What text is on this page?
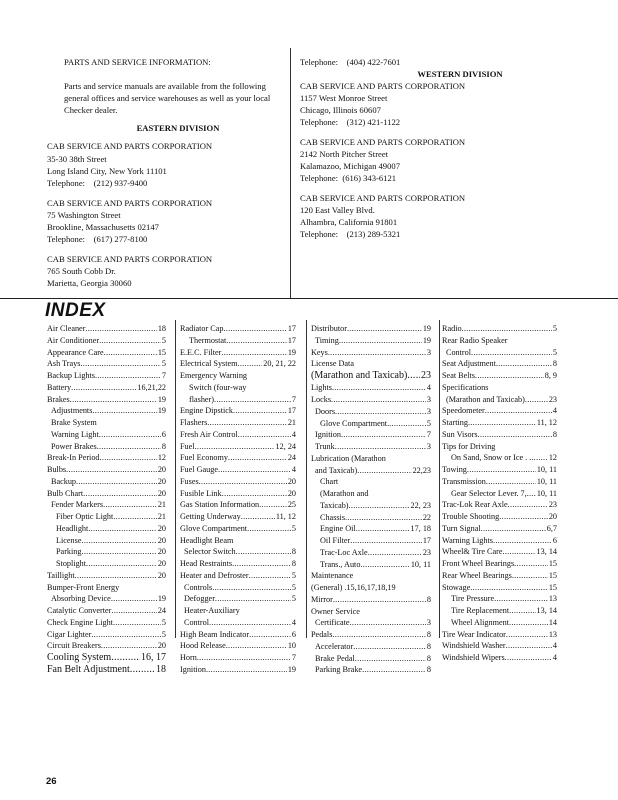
PARTS AND SERVICE INFORMATION:
Parts and service manuals are available from the following
general offices and service warehouses as well as your local
Checker dealer.
EASTERN DIVISION
CAB SERVICE AND PARTS CORPORATION
35-30 38th Street
Long Island City, New York 11101
Telephone:    (212) 937-9400
CAB SERVICE AND PARTS CORPORATION
75 Washington Street
Brookline, Massachusetts 02147
Telephone:    (617) 277-8100
CAB SERVICE AND PARTS CORPORATION
765 South Cobb Dr.
Marietta, Georgia 30060
Telephone:    (404) 422-7601
WESTERN DIVISION
CAB SERVICE AND PARTS CORPORATION
1157 West Monroe Street
Chicago, Illinois 60607
Telephone:    (312) 421-1122
CAB SERVICE AND PARTS CORPORATION
2142 North Pitcher Street
Kalamazoo, Michigan 49007
Telephone:  (616) 343-6121
CAB SERVICE AND PARTS CORPORATION
120 East Valley Blvd.
Alhambra, California 91801
Telephone:    (213) 289-5321
INDEX
Air Cleaner .....	18
Air Conditioner .....	5
Appearance Care .....	15
Ash Trays .....	5
Backup Lights .....	7
Battery .....	16,21,22
Brakes .....	19
Adjustments .....	19
Brake System
Warning Light .....	6
Power Brakes .....	8
Break-In Period .....	12
Bulbs .....	20
Backup .....	20
Bulb Chart .....	20
Fender Markers .....	21
Fiber Optic Light .....	21
Headlight .....	20
License .....	20
Parking .....	20
Stoplight .....	20
Taillight .....	20
Bumper-Front Energy
Absorbing Device .....	19
Catalytic Converter .....	24
Check Engine Light .....	5
Cigar Lighter .....	5
Circuit Breakers .....	20
Cooling System .....	16, 17
Fan Belt Adjustment .....	18
Radiator Cap .....	17
Thermostat .....	17
E.E.C. Filter .....	19
Electrical System .....	20, 21, 22
Emergency Warning
Switch (four-way
flasher) .....	7
Engine Dipstick .....	17
Flashers .....	21
Fresh Air Control .....	4
Fuel .....	12, 24
Fuel Economy .....	24
Fuel Gauge .....	4
Fuses .....	20
Fusible Link .....	20
Gas Station Information .....	25
Getting Underway .....	11, 12
Glove Compartment .....	5
Headlight Beam
Selector Switch .....	8
Head Restraints .....	8
Heater and Defroster .....	5
Controls .....	5
Defogger .....	5
Heater-Auxiliary
Control .....	4
High Beam Indicator .....	6
Hood Release .....	10
Horn .....	7
Ignition .....	19
Distributor .....	19
Timing .....	19
Keys .....	3
License Data
(Marathon and Taxicab) ..... 23
Lights .....	4
Locks .....	3
Doors .....	3
Glove Compartment. .....	5
Ignition .....	7
Trunk .....	3
Lubrication (Marathon
and Taxicab) .....	22,23
Chart
(Marathon and
Taxicab) .....	22, 23
Chassis .....	22
Engine Oil .....	17, 18
Oil Filter .....	17
Trac-Loc Axle .....	23
Trans., Auto .....	10, 11
Maintenance
(General) .15,16,17,18,19
Mirror .....	8
Owner Service
Certificate .....	3
Pedals .....	8
Accelerator .....	8
Brake Pedal .....	8
Parking Brake .....	8
Radio .....	5
Rear Radio Speaker
Control .....	5
Seat Adjustment .....	8
Seat Belts .....	8, 9
Specifications
(Marathon and Taxicab) .....	23
Speedometer .....	4
Starting .....	11, 12
Sun Visors .....	8
Tips for Driving
On Sand, Snow or Ice . . ..... 12
Towing .....	10, 11
Transmission .....	10, 11
Gear Selector Lever. 7, ..... 10, 11
Trac-Lok Rear Axle .....	23
Trouble Shooting .....	20
Turn Signal .....	6,7
Warning Lights .....	6
Wheel& Tire Care .....	13, 14
Front Wheel Bearings .....	15
Rear Wheel Bearings .....	15
Stowage .....	15
Tire Pressure .....	13
Tire Replacement .....	13, 14
Wheel Alignment .....	14
Tire Wear Indicator .....	13
Windshield Washer .....	4
Windshield Wipers .....	4
26
